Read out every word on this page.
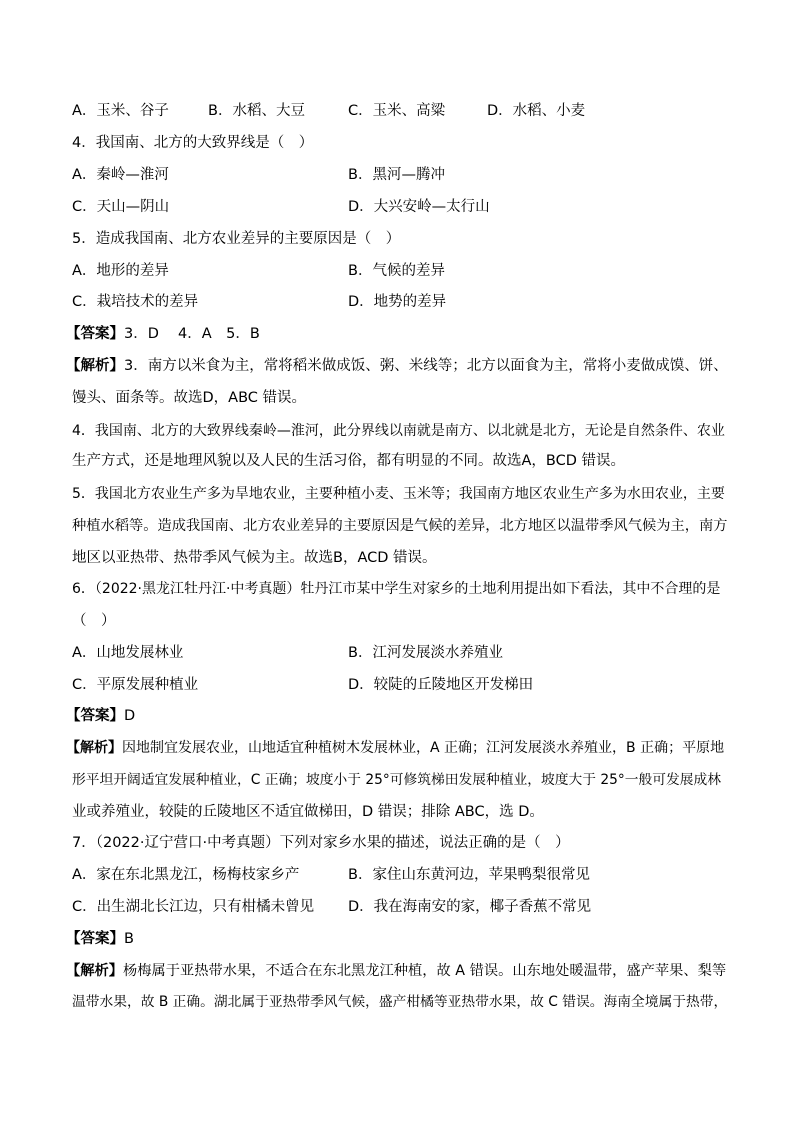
A．玉米、谷子	B．水稻、大豆	C．玉米、高粱	D．水稻、小麦
4．我国南、北方的大致界线是（　）
A．秦岭—淮河	B．黑河—腾冲
C．天山—阴山	D．大兴安岭—太行山
5．造成我国南、北方农业差异的主要原因是（　）
A．地形的差异	B．气候的差异
C．栽培技术的差异	D．地势的差异
【答案】3．D　 4．A　5．B
【解析】3．南方以米食为主，常将稻米做成饭、粥、米线等；北方以面食为主，常将小麦做成馍、饼、
馒头、面条等。故选D，ABC 错误。
4．我国南、北方的大致界线秦岭—淮河，此分界线以南就是南方、以北就是北方，无论是自然条件、农业
生产方式，还是地理风貌以及人民的生活习俗，都有明显的不同。故选A，BCD 错误。
5．我国北方农业生产多为旱地农业，主要种植小麦、玉米等；我国南方地区农业生产多为水田农业，主要
种植水稻等。造成我国南、北方农业差异的主要原因是气候的差异，北方地区以温带季风气候为主，南方
地区以亚热带、热带季风气候为主。故选B，ACD 错误。
6．（2022·黑龙江牡丹江·中考真题）牡丹江市某中学生对家乡的土地利用提出如下看法，其中不合理的是
（　）
A．山地发展林业	B．江河发展淡水养殖业
C．平原发展种植业	D．较陡的丘陵地区开发梯田
【答案】D
【解析】因地制宜发展农业，山地适宜种植树木发展林业，A 正确；江河发展淡水养殖业，B 正确；平原地
形平坦开阔适宜发展种植业，C 正确；坡度小于 25°可修筑梯田发展种植业，坡度大于 25°一般可发展成林
业或养殖业，较陡的丘陵地区不适宜做梯田，D 错误；排除 ABC，选 D。
7．（2022·辽宁营口·中考真题）下列对家乡水果的描述，说法正确的是（　）
A．家在东北黑龙江，杨梅枝家乡产	B．家住山东黄河边，苹果鸭梨很常见
C．出生湖北长江边，只有柑橘未曾见 D．我在海南安的家，椰子香蕉不常见
【答案】B
【解析】杨梅属于亚热带水果，不适合在东北黑龙江种植，故 A 错误。山东地处暖温带，盛产苹果、梨等
温带水果，故 B 正确。湖北属于亚热带季风气候，盛产柑橘等亚热带水果，故 C 错误。海南全境属于热带，
